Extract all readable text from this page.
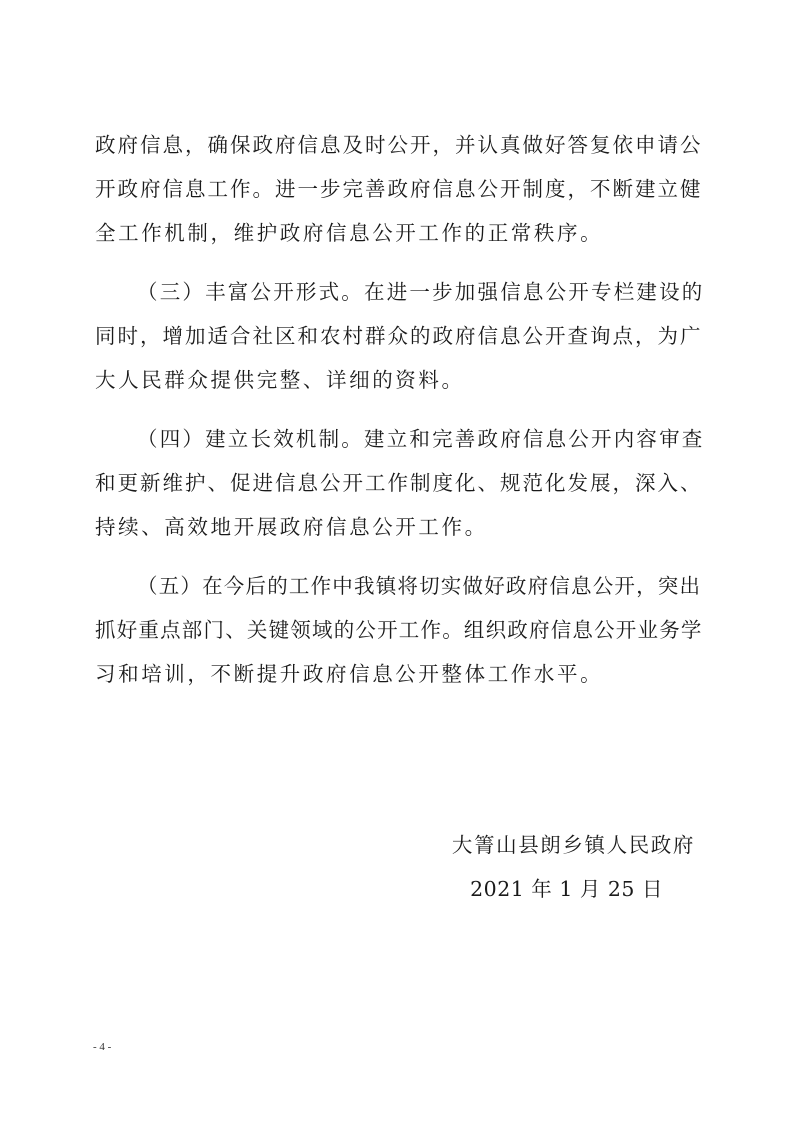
政府信息，确保政府信息及时公开，并认真做好答复依申请公
开政府信息工作。进一步完善政府信息公开制度，不断建立健
全工作机制，维护政府信息公开工作的正常秩序。
（三）丰富公开形式。在进一步加强信息公开专栏建设的
同时，增加适合社区和农村群众的政府信息公开查询点，为广
大人民群众提供完整、详细的资料。
（四）建立长效机制。建立和完善政府信息公开内容审查
和更新维护、促进信息公开工作制度化、规范化发展，深入、
持续、高效地开展政府信息公开工作。
（五）在今后的工作中我镇将切实做好政府信息公开，突出
抓好重点部门、关键领域的公开工作。组织政府信息公开业务学
习和培训，不断提升政府信息公开整体工作水平。
大箐山县朗乡镇人民政府
2021 年 1 月 25 日
- 4 -
